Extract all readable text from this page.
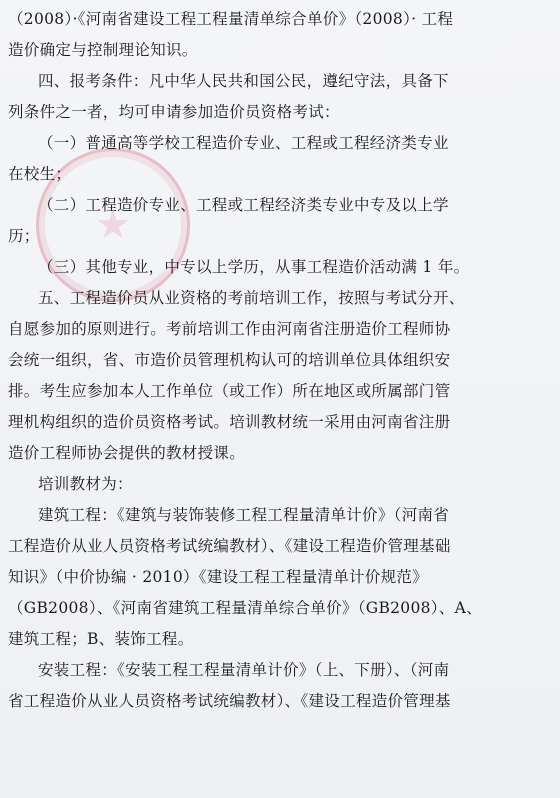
（2008）·《河南省建设工程工程量清单综合单价》（2008）· 工程
造价确定与控制理论知识。
四、报考条件：凡中华人民共和国公民，遵纪守法，具备下
列条件之一者，均可申请参加造价员资格考试：
（一）普通高等学校工程造价专业、工程或工程经济类专业
在校生；
（二）工程造价专业、工程或工程经济类专业中专及以上学
历；
（三）其他专业，中专以上学历，从事工程造价活动满 1 年。
五、工程造价员从业资格的考前培训工作，按照与考试分开、
自愿参加的原则进行。考前培训工作由河南省注册造价工程师协
会统一组织，省、市造价员管理机构认可的培训单位具体组织安
排。考生应参加本人工作单位（或工作）所在地区或所属部门管
理机构组织的造价员资格考试。培训教材统一采用由河南省注册
造价工程师协会提供的教材授课。
培训教材为：
建筑工程：《建筑与装饰装修工程工程量清单计价》（河南省
工程造价从业人员资格考试统编教材）、《建设工程造价管理基础
知识》（中价协编 · 2010）《建设工程工程量清单计价规范》
（GB2008）、《河南省建筑工程量清单综合单价》（GB2008）、A、
建筑工程；B、装饰工程。
安装工程：《安装工程工程量清单计价》（上、下册）、（河南
省工程造价从业人员资格考试统编教材）、《建设工程造价管理基
